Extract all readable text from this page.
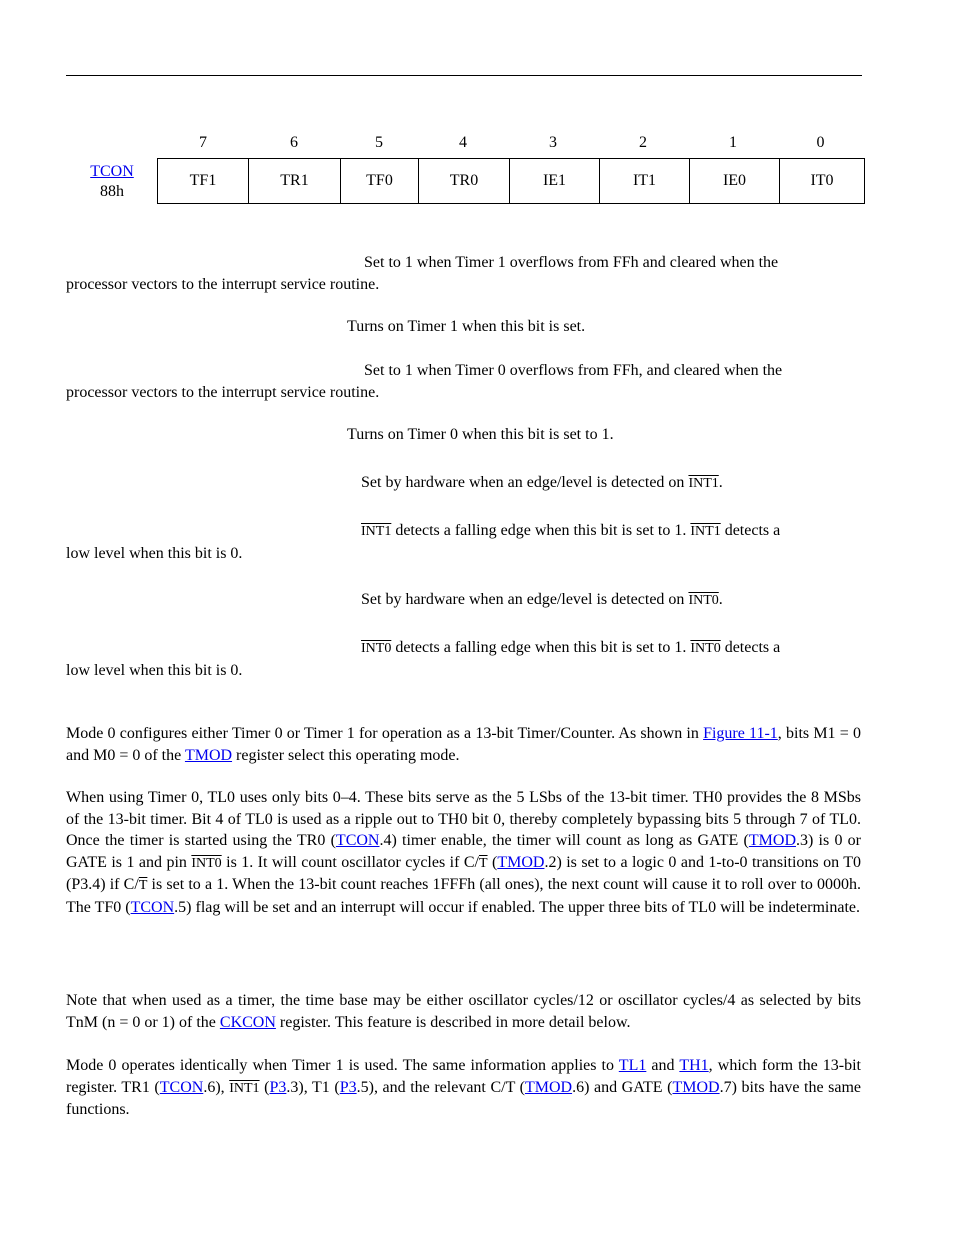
7	6	5	4	3	2	1	0
TCON
88h
TF1	TR1	TF0	TR0	IE1	IT1	IE0	IT0
Set to 1 when Timer 1 overflows from FFh and cleared when the
processor vectors to the interrupt service routine.
Turns on Timer 1 when this bit is set.
Set to 1 when Timer 0 overflows from FFh, and cleared when the
processor vectors to the interrupt service routine.
Turns on Timer 0 when this bit is set to 1.
Set by hardware when an edge/level is detected on INT1.
INT1 detects a falling edge when this bit is set to 1. INT1 detects a
low level when this bit is 0.
Set by hardware when an edge/level is detected on INT0.
INT0 detects a falling edge when this bit is set to 1. INT0 detects a
low level when this bit is 0.
Mode 0 configures either Timer 0 or Timer 1 for operation as a 13-bit Timer/Counter. As shown in Figure 11-1, bits M1 = 0 and M0 = 0 of the TMOD register select this operating mode.
When using Timer 0, TL0 uses only bits 0–4. These bits serve as the 5 LSbs of the 13-bit timer. TH0 provides the 8 MSbs of the 13-bit timer. Bit 4 of TL0 is used as a ripple out to TH0 bit 0, thereby completely bypassing bits 5 through 7 of TL0. Once the timer is started using the TR0 (TCON.4) timer enable, the timer will count as long as GATE (TMOD.3) is 0 or GATE is 1 and pin INT0 is 1. It will count oscillator cycles if $C/\overline{T}$ (TMOD.2) is set to a logic 0 and 1-to-0 transitions on T0 (P3.4) if $C/\overline{T}$ is set to a 1. When the 13-bit count reaches 1FFFh (all ones), the next count will cause it to roll over to 0000h. The TF0 (TCON.5) flag will be set and an interrupt will occur if enabled. The upper three bits of TL0 will be indeterminate.
Note that when used as a timer, the time base may be either oscillator cycles/12 or oscillator cycles/4 as selected by bits TnM (n = 0 or 1) of the CKCON register. This feature is described in more detail below.
Mode 0 operates identically when Timer 1 is used. The same information applies to TL1 and TH1, which form the 13-bit register. TR1 (TCON.6), INT1 (P3.3), T1 (P3.5), and the relevant C/T (TMOD.6) and GATE (TMOD.7) bits have the same functions.
